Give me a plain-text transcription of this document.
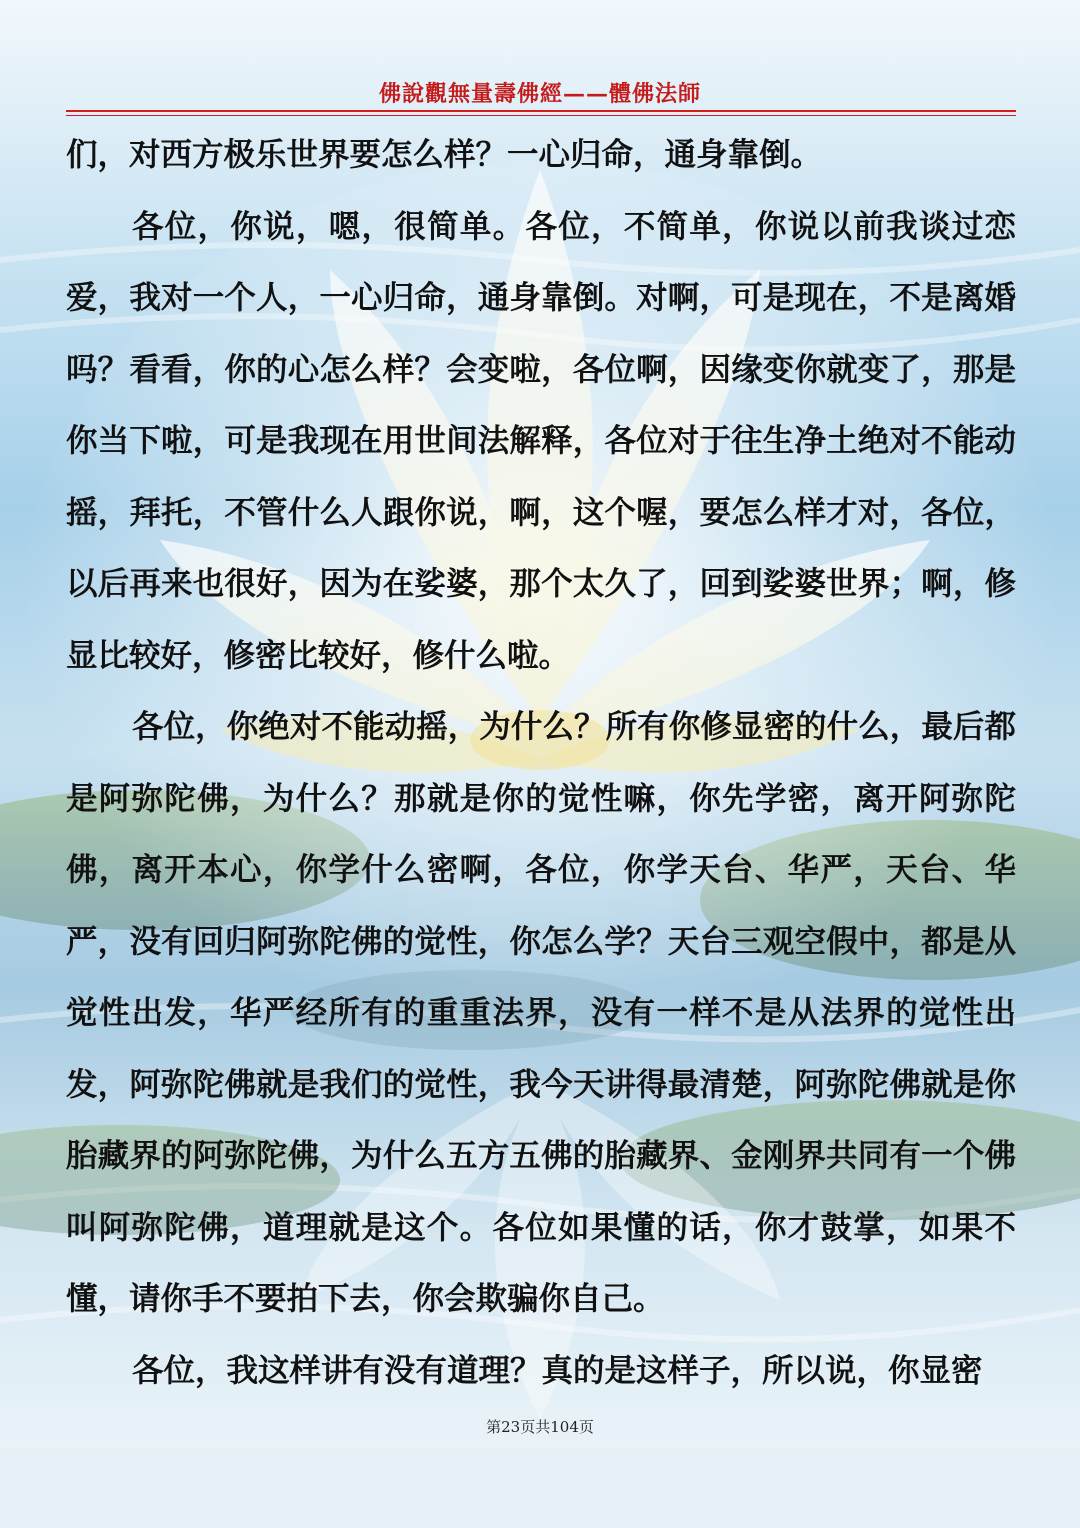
佛說觀無量壽佛經——體佛法師

们，对西方极乐世界要怎么样？一心归命，通身靠倒。

各位，你说，嗯，很简单。各位，不简单，你说以前我谈过恋爱，我对一个人，一心归命，通身靠倒。对啊，可是现在，不是离婚吗？看看，你的心怎么样？会变啦，各位啊，因缘变你就变了，那是你当下啦，可是我现在用世间法解释，各位对于往生净土绝对不能动摇，拜托，不管什么人跟你说，啊，这个喔，要怎么样才对，各位，以后再来也很好，因为在娑婆，那个太久了，回到娑婆世界；啊，修显比较好，修密比较好，修什么啦。

各位，你绝对不能动摇，为什么？所有你修显密的什么，最后都是阿弥陀佛，为什么？那就是你的觉性嘛，你先学密，离开阿弥陀佛，离开本心，你学什么密啊，各位，你学天台、华严，天台、华严，没有回归阿弥陀佛的觉性，你怎么学？天台三观空假中，都是从觉性出发，华严经所有的重重法界，没有一样不是从法界的觉性出发，阿弥陀佛就是我们的觉性，我今天讲得最清楚，阿弥陀佛就是你胎藏界的阿弥陀佛，为什么五方五佛的胎藏界、金刚界共同有一个佛叫阿弥陀佛，道理就是这个。各位如果懂的话，你才鼓掌，如果不懂，请你手不要拍下去，你会欺骗你自己。

各位，我这样讲有没有道理？真的是这样子，所以说，你显密

第23页共104页
